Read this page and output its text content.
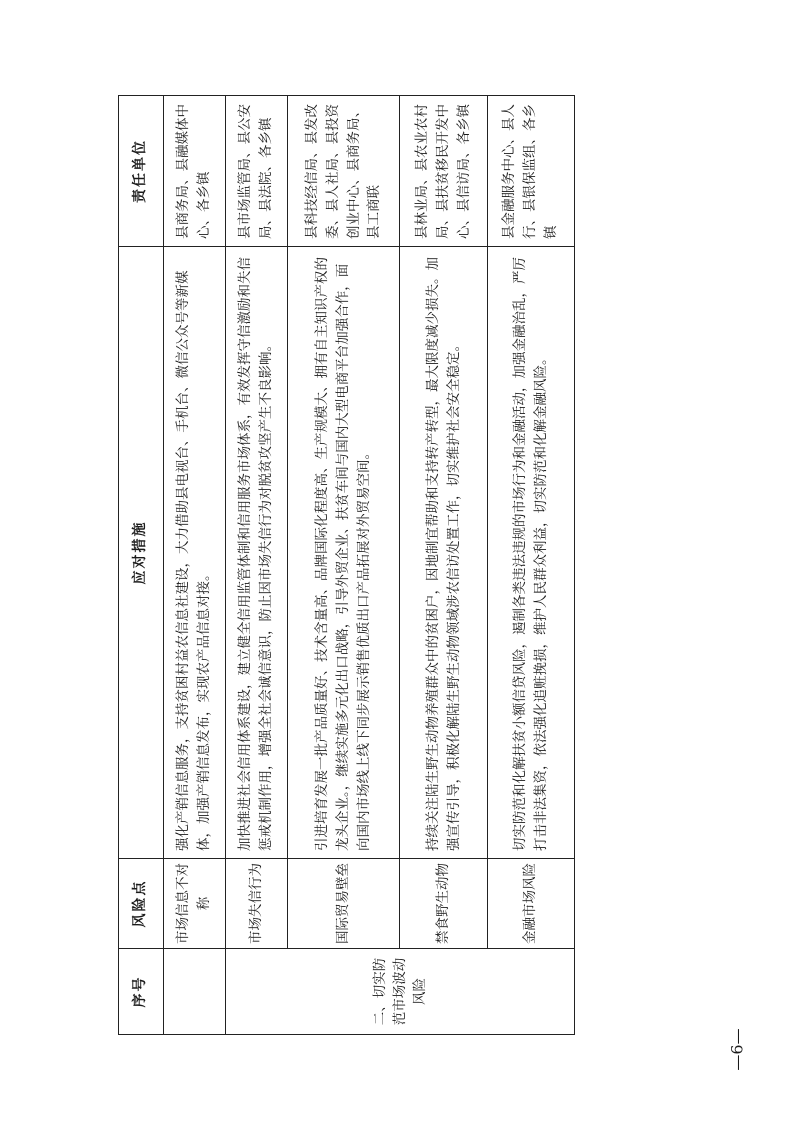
序号	风险点	应对措施	责任单位
	市场信息不对称	强化产销信息服务，支持贫困村益农信息社建设，大力借助县电视台、手机台、微信公众号等新媒体，加强产销信息发布，实现农产品信息对接。	县商务局、县融媒体中心、各乡镇
二、切实防范市场波动风险	市场失信行为	加快推进社会信用体系建设，建立健全信用监管体制和信用服务市场体系，有效发挥守信激励和失信惩戒机制作用，增强全社会诚信意识，防止因市场失信行为对脱贫攻坚产生不良影响。	县市场监管局、县公安局、县法院、各乡镇
	国际贸易壁垒	引进培育发展一批产品质量好、技术含量高、品牌国际化程度高、生产规模大、拥有自主知识产权的龙头企业。，继续实施多元化出口战略，引导外贸企业、扶贫车间与国内大型电商平台加强合作，面向国内市场线上线下同步展示销售优质出口产品拓展对外贸易空间。	县科技经信局、县发改委、县人社局、县投资创业中心、县商务局、县工商联
	禁食野生动物	持续关注陆生野生动物养殖群众中的贫困户，因地制宜帮助和支持转产转型，最大限度减少损失。加强宣传引导，积极化解陆生野生动物领域涉农信访处置工作，切实维护社会安全稳定。	县林业局、县农业农村局、县扶贫移民开发中心、县信访局、各乡镇
	金融市场风险	切实防范和化解扶贫小额信贷风险，遏制各类违法违规的市场行为和金融活动，加强金融治乱，严厉打击非法集资，依法强化追赃挽损，维护人民群众利益，切实防范和化解金融风险。	县金融服务中心、县人行、县银保监组、各乡镇
—6—
